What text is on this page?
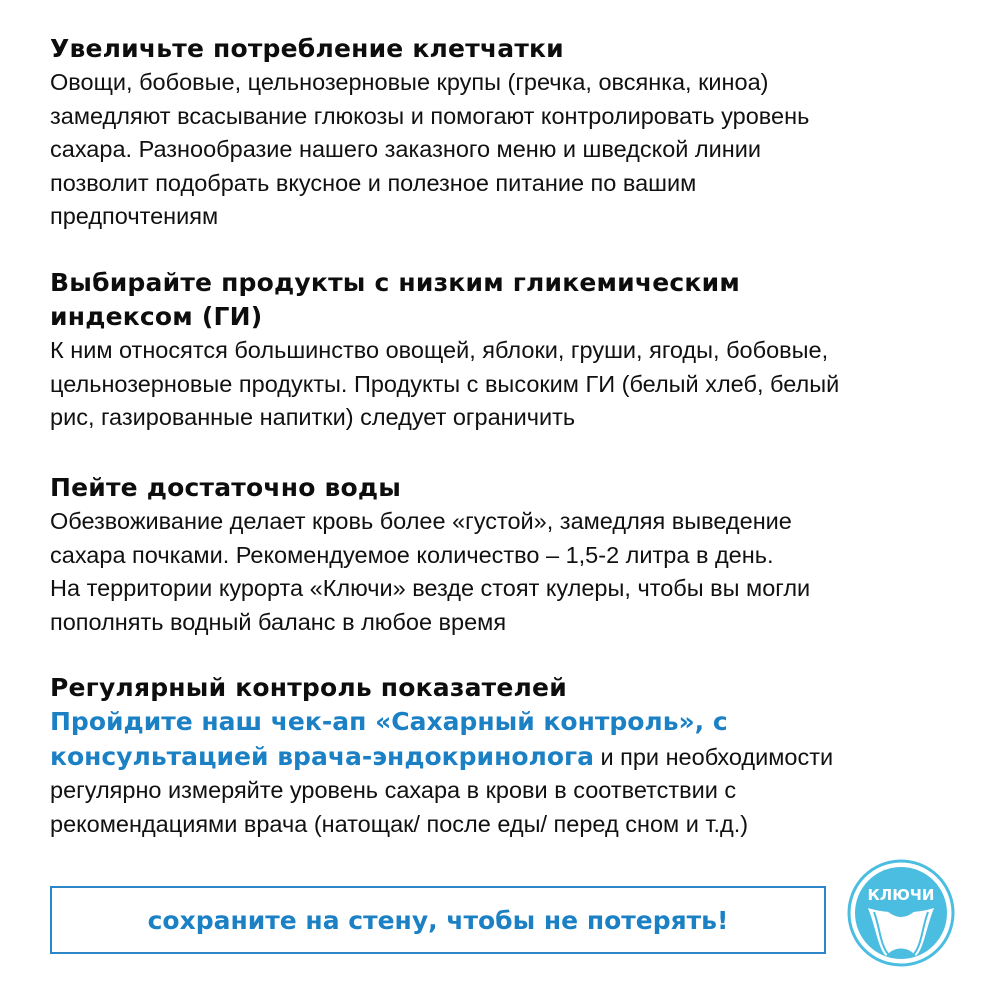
Увеличьте потребление клетчатки
Овощи, бобовые, цельнозерновые крупы (гречка, овсянка, киноа)
замедляют всасывание глюкозы и помогают контролировать уровень
сахара. Разнообразие нашего заказного меню и шведской линии
позволит подобрать вкусное и полезное питание по вашим
предпочтениям
Выбирайте продукты с низким гликемическим
индексом (ГИ)
К ним относятся большинство овощей, яблоки, груши, ягоды, бобовые,
цельнозерновые продукты. Продукты с высоким ГИ (белый хлеб, белый
рис, газированные напитки) следует ограничить
Пейте достаточно воды
Обезвоживание делает кровь более «густой», замедляя выведение
сахара почками. Рекомендуемое количество – 1,5-2 литра в день.
На территории курорта «Ключи» везде стоят кулеры, чтобы вы могли
пополнять водный баланс в любое время
Регулярный контроль показателей
Пройдите наш чек-ап «Сахарный контроль», с
консультацией врача-эндокринолога и при необходимости
регулярно измеряйте уровень сахара в крови в соответствии с
рекомендациями врача (натощак/ после еды/ перед сном и т.д.)
сохраните на стену, чтобы не потерять!
КУРОРТ
КЛЮЧИ
